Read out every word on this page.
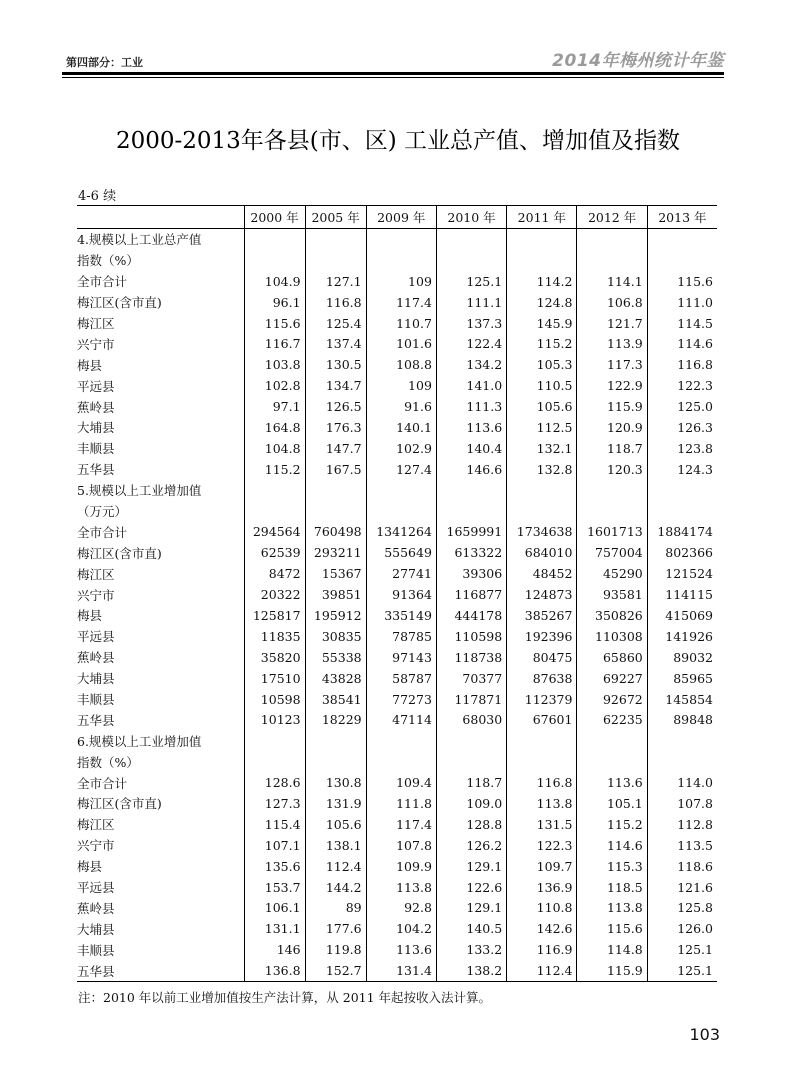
第四部分：工业	2014年梅州统计年鉴
2000-2013年各县(市、区) 工业总产值、增加值及指数
4-6 续
	2000 年	2005 年	2009 年	2010 年	2011 年	2012 年	2013 年
4.规模以上工业总产值							
指数（%）							
全市合计	104.9	127.1	109	125.1	114.2	114.1	115.6
梅江区(含市直)	96.1	116.8	117.4	111.1	124.8	106.8	111.0
梅江区	115.6	125.4	110.7	137.3	145.9	121.7	114.5
兴宁市	116.7	137.4	101.6	122.4	115.2	113.9	114.6
梅县	103.8	130.5	108.8	134.2	105.3	117.3	116.8
平远县	102.8	134.7	109	141.0	110.5	122.9	122.3
蕉岭县	97.1	126.5	91.6	111.3	105.6	115.9	125.0
大埔县	164.8	176.3	140.1	113.6	112.5	120.9	126.3
丰顺县	104.8	147.7	102.9	140.4	132.1	118.7	123.8
五华县	115.2	167.5	127.4	146.6	132.8	120.3	124.3
5.规模以上工业增加值							
（万元）							
全市合计	294564	760498	1341264	1659991	1734638	1601713	1884174
梅江区(含市直)	62539	293211	555649	613322	684010	757004	802366
梅江区	8472	15367	27741	39306	48452	45290	121524
兴宁市	20322	39851	91364	116877	124873	93581	114115
梅县	125817	195912	335149	444178	385267	350826	415069
平远县	11835	30835	78785	110598	192396	110308	141926
蕉岭县	35820	55338	97143	118738	80475	65860	89032
大埔县	17510	43828	58787	70377	87638	69227	85965
丰顺县	10598	38541	77273	117871	112379	92672	145854
五华县	10123	18229	47114	68030	67601	62235	89848
6.规模以上工业增加值							
指数（%）							
全市合计	128.6	130.8	109.4	118.7	116.8	113.6	114.0
梅江区(含市直)	127.3	131.9	111.8	109.0	113.8	105.1	107.8
梅江区	115.4	105.6	117.4	128.8	131.5	115.2	112.8
兴宁市	107.1	138.1	107.8	126.2	122.3	114.6	113.5
梅县	135.6	112.4	109.9	129.1	109.7	115.3	118.6
平远县	153.7	144.2	113.8	122.6	136.9	118.5	121.6
蕉岭县	106.1	89	92.8	129.1	110.8	113.8	125.8
大埔县	131.1	177.6	104.2	140.5	142.6	115.6	126.0
丰顺县	146	119.8	113.6	133.2	116.9	114.8	125.1
五华县	136.8	152.7	131.4	138.2	112.4	115.9	125.1
注：2010 年以前工业增加值按生产法计算，从 2011 年起按收入法计算。
103
